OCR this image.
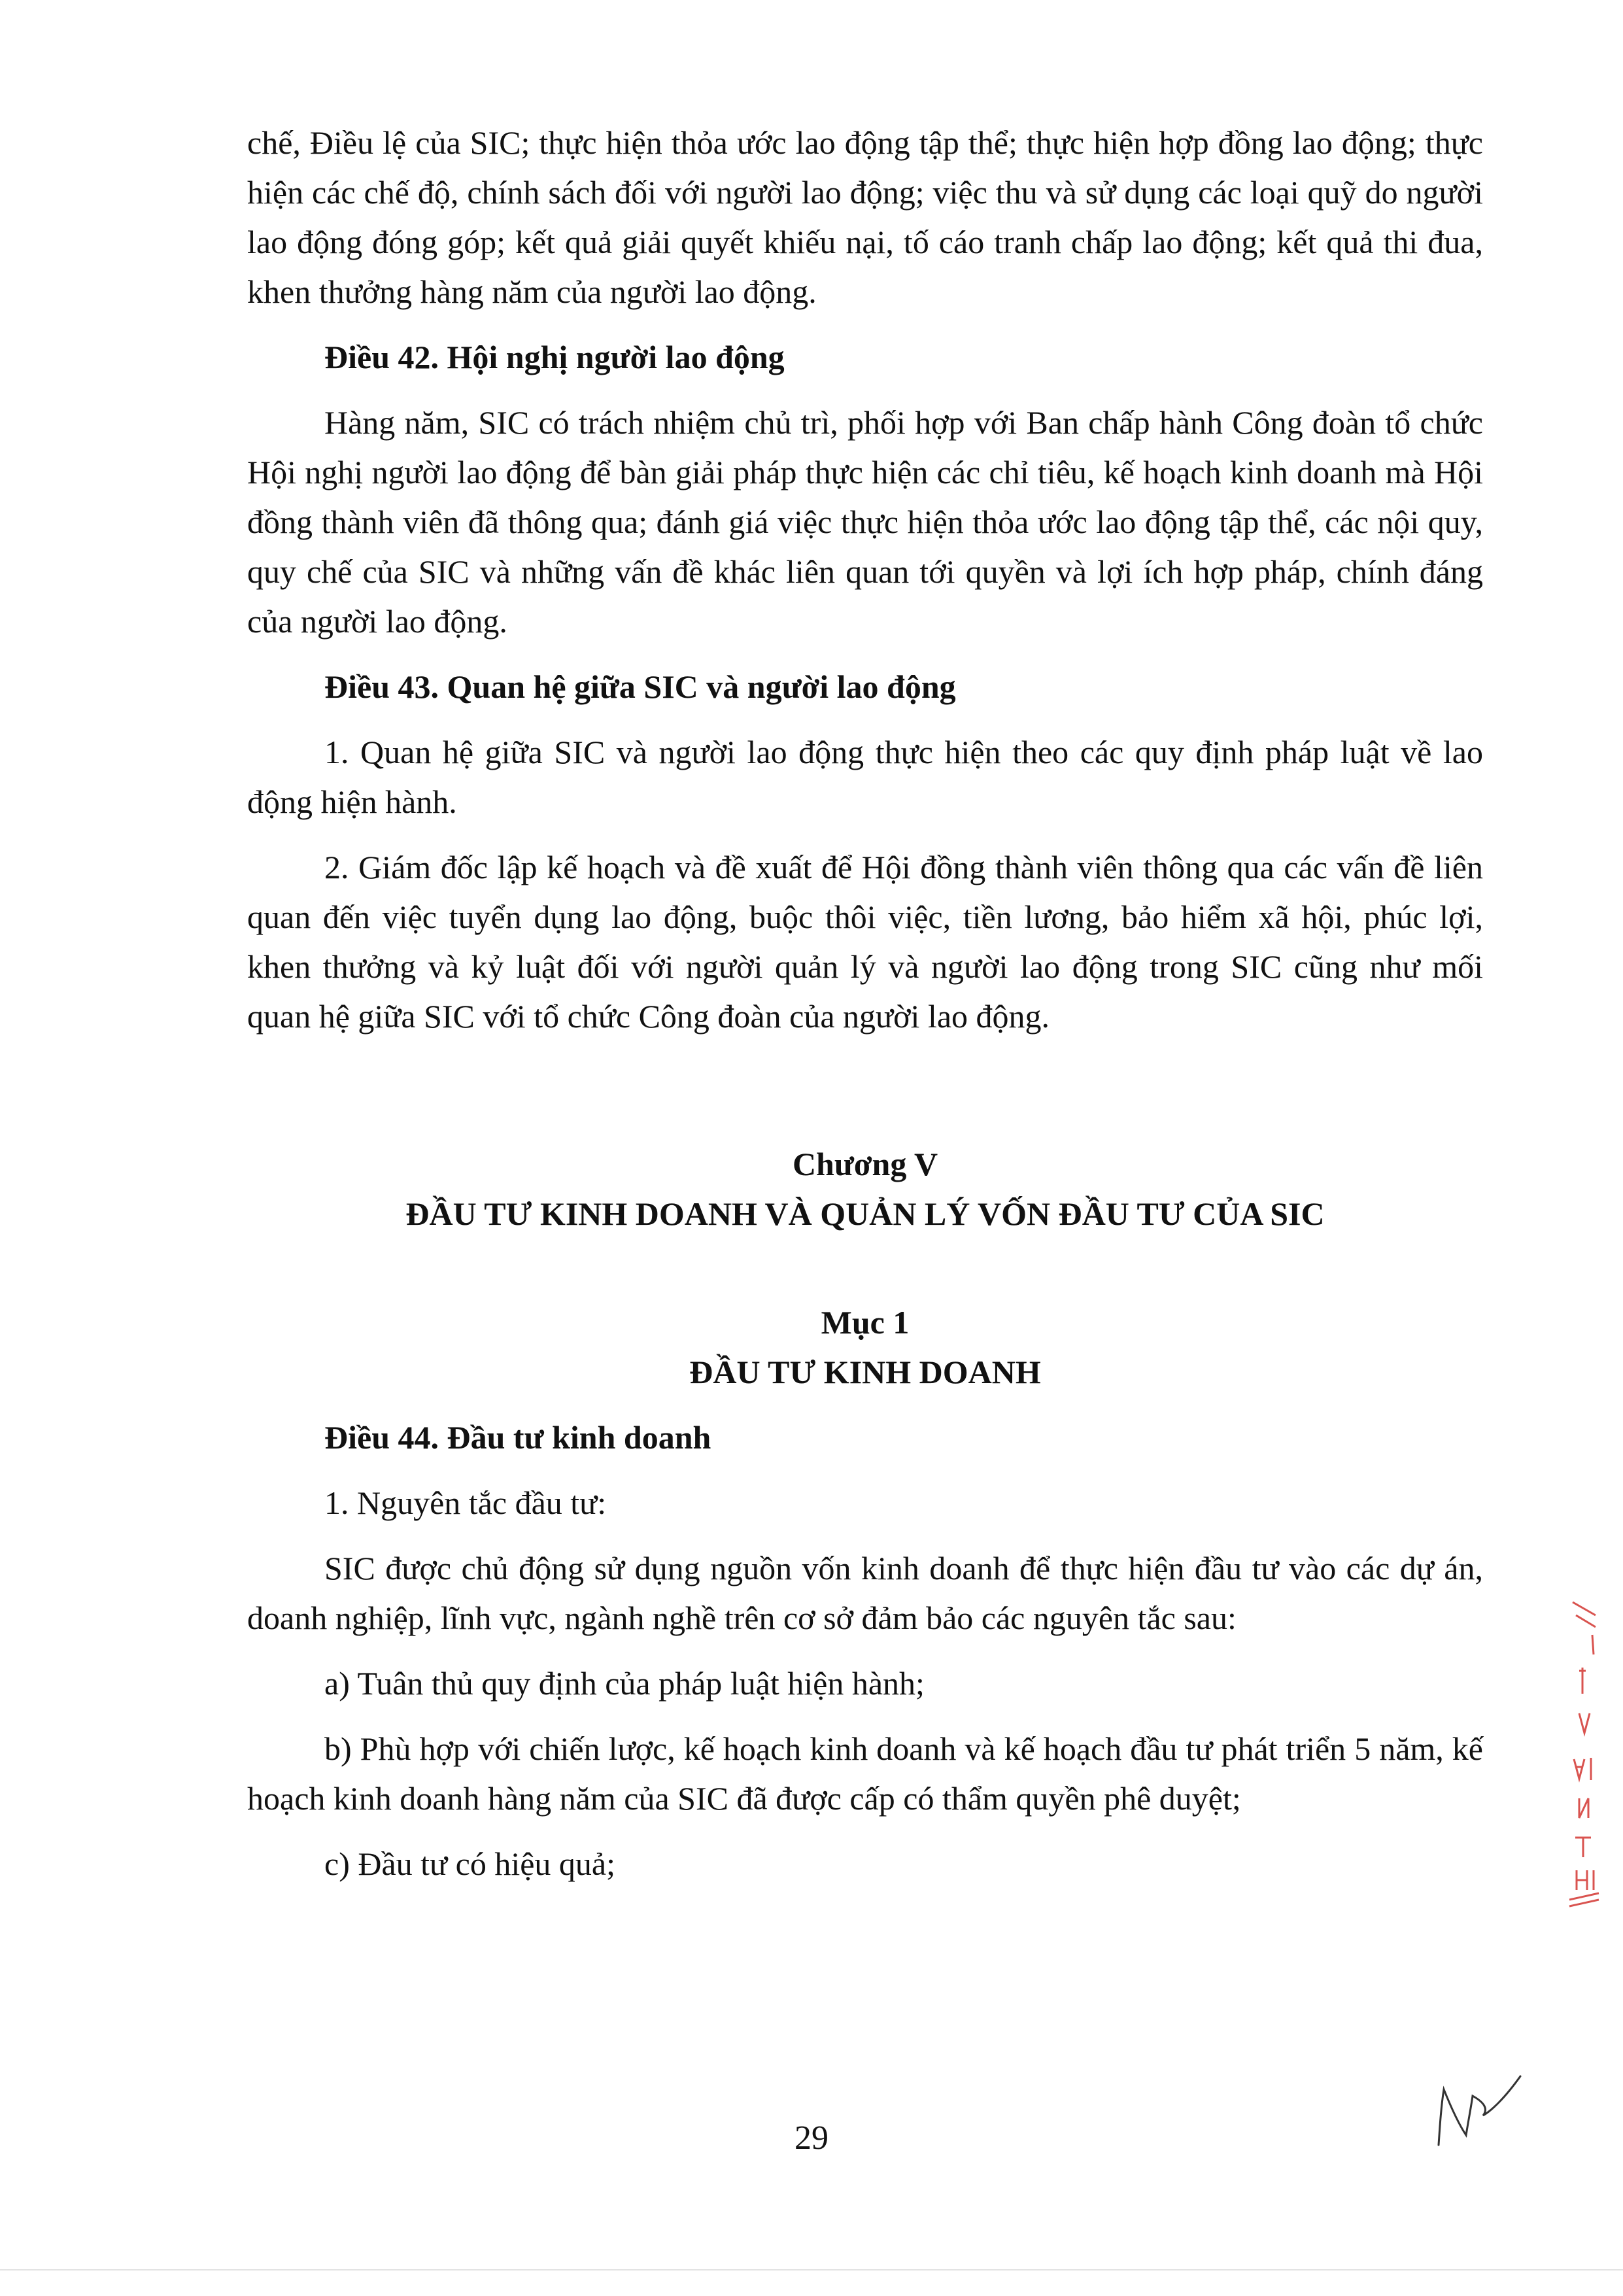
chế, Điều lệ của SIC; thực hiện thỏa ước lao động tập thể; thực hiện hợp đồng lao động; thực hiện các chế độ, chính sách đối với người lao động; việc thu và sử dụng các loại quỹ do người lao động đóng góp; kết quả giải quyết khiếu nại, tố cáo tranh chấp lao động; kết quả thi đua, khen thưởng hàng năm của người lao động.

Điều 42. Hội nghị người lao động

Hàng năm, SIC có trách nhiệm chủ trì, phối hợp với Ban chấp hành Công đoàn tổ chức Hội nghị người lao động để bàn giải pháp thực hiện các chỉ tiêu, kế hoạch kinh doanh mà Hội đồng thành viên đã thông qua; đánh giá việc thực hiện thỏa ước lao động tập thể, các nội quy, quy chế của SIC và những vấn đề khác liên quan tới quyền và lợi ích hợp pháp, chính đáng của người lao động.

Điều 43. Quan hệ giữa SIC và người lao động

1. Quan hệ giữa SIC và người lao động thực hiện theo các quy định pháp luật về lao động hiện hành.

2. Giám đốc lập kế hoạch và đề xuất để Hội đồng thành viên thông qua các vấn đề liên quan đến việc tuyển dụng lao động, buộc thôi việc, tiền lương, bảo hiểm xã hội, phúc lợi, khen thưởng và kỷ luật đối với người quản lý và người lao động trong SIC cũng như mối quan hệ giữa SIC với tổ chức Công đoàn của người lao động.

Chương V

ĐẦU TƯ KINH DOANH VÀ QUẢN LÝ VỐN ĐẦU TƯ CỦA SIC

Mục 1

ĐẦU TƯ KINH DOANH

Điều 44. Đầu tư kinh doanh

1. Nguyên tắc đầu tư:

SIC được chủ động sử dụng nguồn vốn kinh doanh để thực hiện đầu tư vào các dự án, doanh nghiệp, lĩnh vực, ngành nghề trên cơ sở đảm bảo các nguyên tắc sau:

a) Tuân thủ quy định của pháp luật hiện hành;

b) Phù hợp với chiến lược, kế hoạch kinh doanh và kế hoạch đầu tư phát triển 5 năm, kế hoạch kinh doanh hàng năm của SIC đã được cấp có thẩm quyền phê duyệt;

c) Đầu tư có hiệu quả;

29
